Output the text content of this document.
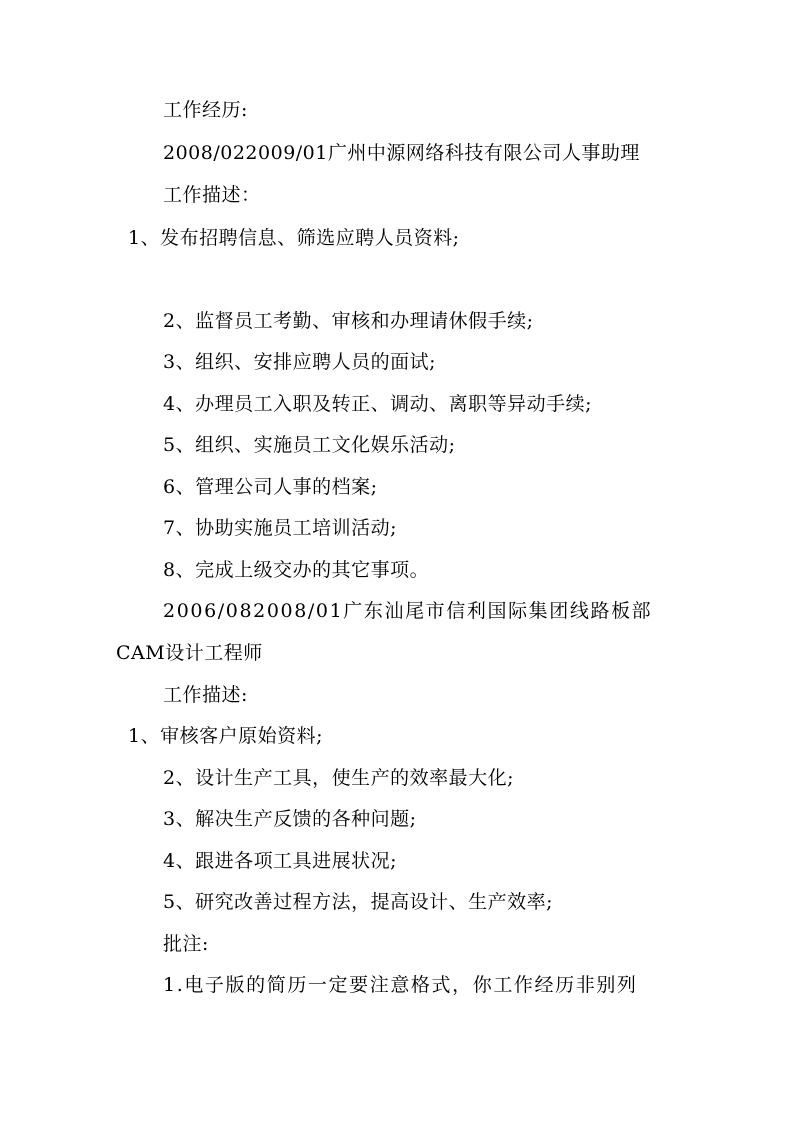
工作经历:
2008/022009/01广州中源网络科技有限公司人事助理
工作描述：
1、发布招聘信息、筛选应聘人员资料;
2、监督员工考勤、审核和办理请休假手续;
3、组织、安排应聘人员的面试;
4、办理员工入职及转正、调动、离职等异动手续;
5、组织、实施员工文化娱乐活动;
6、管理公司人事的档案;
7、协助实施员工培训活动;
8、完成上级交办的其它事项。
2006/082008/01广东汕尾市信利国际集团线路板部
CAM设计工程师
工作描述:
1、审核客户原始资料;
2、设计生产工具，使生产的效率最大化;
3、解决生产反馈的各种问题;
4、跟进各项工具进展状况;
5、研究改善过程方法，提高设计、生产效率;
批注:
1.电子版的简历一定要注意格式，你工作经历非别列
